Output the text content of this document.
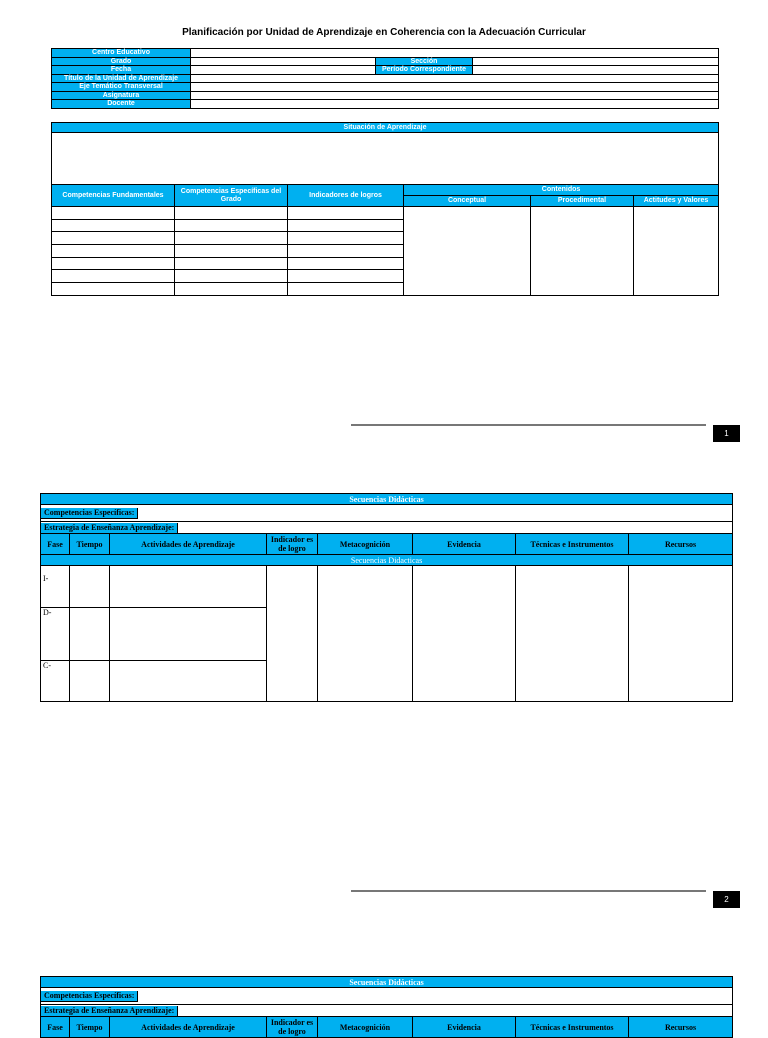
Planificación por Unidad de Aprendizaje en Coherencia con la Adecuación Curricular
Centro Educativo			
Grado		Sección	
Fecha		Período Correspondiente	
Título de la Unidad de Aprendizaje			
Eje Temático Transversal			
Asignatura			
Docente			
Situación de Aprendizaje					

Competencias Fundamentales	Competencias Específicas del Grado	Indicadores de logros	Contenidos		
			Conceptual	Procedimental	Actitudes y Valores

1
Secuencias Didácticas							
Competencias Específicas:							
Estrategia de Enseñanza Aprendizaje:							
Fase	Tiempo	Actividades de Aprendizaje	Indicador es de logro	Metacognición	Evidencia	Técnicas e Instrumentos	Recursos
Secuencias Didacticas							
I-							
D-							
C-							
2
Secuencias Didácticas
Competencias Específicas:
Estrategia de Enseñanza Aprendizaje:
Fase	Tiempo	Actividades de Aprendizaje	Indicador es de logro	Metacognición	Evidencia	Técnicas e Instrumentos	Recursos
